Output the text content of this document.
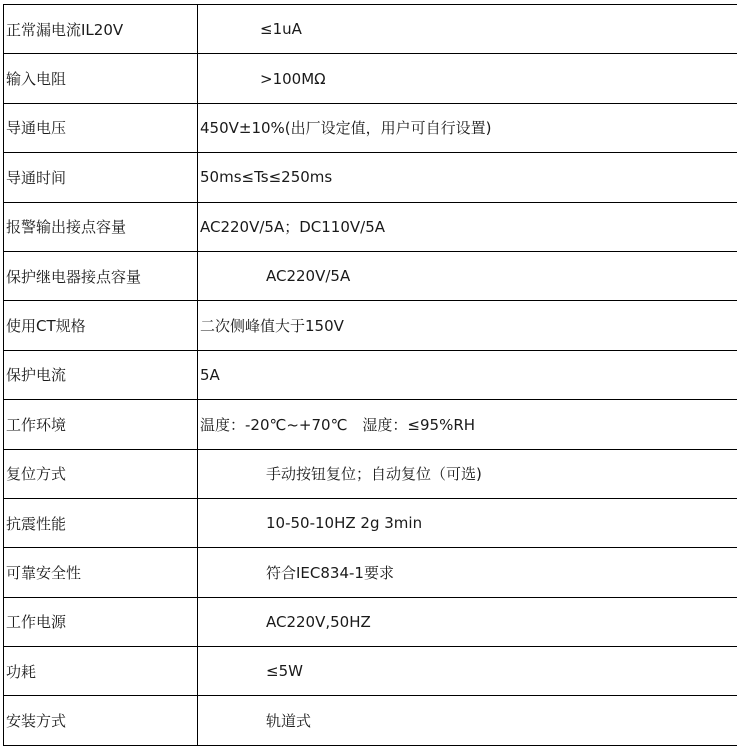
正常漏电流IL20V	≤1uA
输入电阻	>100MΩ
导通电压	450V±10%(出厂设定值，用户可自行设置)
导通时间	50ms≤Ts≤250ms
报警输出接点容量	AC220V/5A；DC110V/5A
保护继电器接点容量	AC220V/5A
使用CT规格	二次侧峰值大于150V
保护电流	5A
工作环境	温度：-20℃~+70℃　湿度：≤95%RH
复位方式	手动按钮复位；自动复位（可选)
抗震性能	10-50-10HZ 2g 3min
可靠安全性	符合IEC834-1要求
工作电源	AC220V,50HZ
功耗	≤5W
安装方式	轨道式
